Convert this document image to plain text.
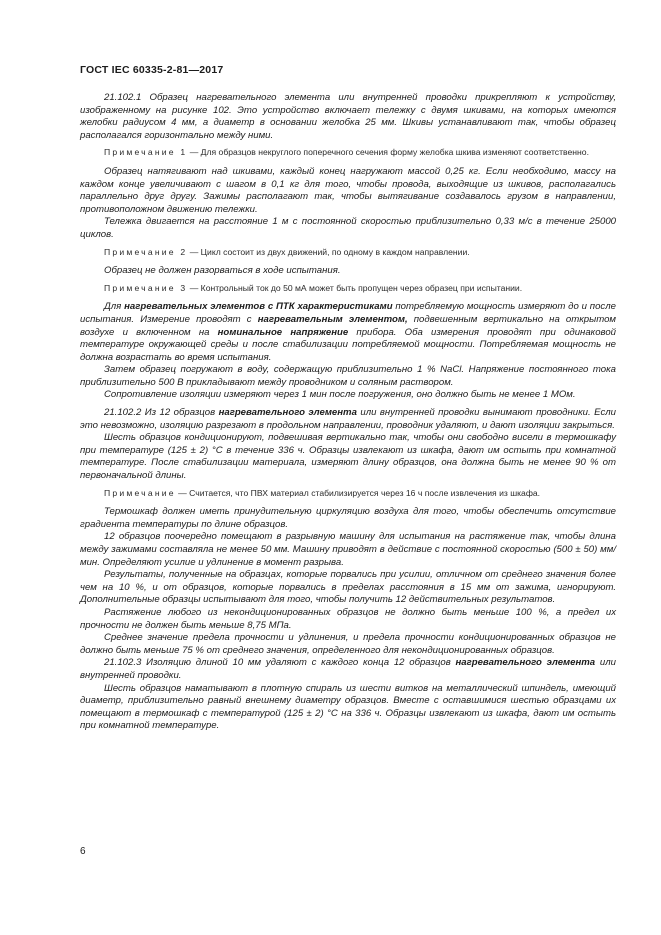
ГОСТ IEC 60335-2-81—2017

21.102.1 Образец нагревательного элемента или внутренней проводки прикрепляют к устройству, изображенному на рисунке 102. Это устройство включает тележку с двумя шкивами, на которых имеются желобки радиусом 4 мм, а диаметр в основании желобка 25 мм. Шкивы устанавливают так, чтобы образец располагался горизонтально между ними.

Примечание 1 — Для образцов некруглого поперечного сечения форму желобка шкива изменяют соответственно.

Образец натягивают над шкивами, каждый конец нагружают массой 0,25 кг. Если необходимо, массу на каждом конце увеличивают с шагом в 0,1 кг для того, чтобы провода, выходящие из шкивов, располагались параллельно друг другу. Зажимы располагают так, чтобы вытягивание создавалось грузом в направлении, противоположном движению тележки.

Тележка двигается на расстояние 1 м с постоянной скоростью приблизительно 0,33 м/с в течение 25000 циклов.

Примечание 2 — Цикл состоит из двух движений, по одному в каждом направлении.

Образец не должен разорваться в ходе испытания.

Примечание 3 — Контрольный ток до 50 мА может быть пропущен через образец при испытании.

Для нагревательных элементов с ПТК характеристиками потребляемую мощность измеряют до и после испытания. Измерение проводят с нагревательным элементом, подвешенным вертикально на открытом воздухе и включенном на номинальное напряжение прибора. Оба измерения проводят при одинаковой температуре окружающей среды и после стабилизации потребляемой мощности. Потребляемая мощность не должна возрастать во время испытания.

Затем образец погружают в воду, содержащую приблизительно 1 % NaCl. Напряжение постоянного тока приблизительно 500 В прикладывают между проводником и соляным раствором.

Сопротивление изоляции измеряют через 1 мин после погружения, оно должно быть не менее 1 МОм.

21.102.2 Из 12 образцов нагревательного элемента или внутренней проводки вынимают проводники. Если это невозможно, изоляцию разрезают в продольном направлении, проводник удаляют, и дают изоляции закрыться.

Шесть образцов кондиционируют, подвешивая вертикально так, чтобы они свободно висели в термошкафу при температуре (125 ± 2) °С в течение 336 ч. Образцы извлекают из шкафа, дают им остыть при комнатной температуре. После стабилизации материала, измеряют длину образцов, она должна быть не менее 90 % от первоначальной длины.

Примечание — Считается, что ПВХ материал стабилизируется через 16 ч после извлечения из шкафа.

Термошкаф должен иметь принудительную циркуляцию воздуха для того, чтобы обеспечить отсутствие градиента температуры по длине образцов.

12 образцов поочередно помещают в разрывную машину для испытания на растяжение так, чтобы длина между зажимами составляла не менее 50 мм. Машину приводят в действие с постоянной скоростью (500 ± 50) мм/мин. Определяют усилие и удлинение в момент разрыва.

Результаты, полученные на образцах, которые порвались при усилии, отличном от среднего значения более чем на 10 %, и от образцов, которые порвались в пределах расстояния в 15 мм от зажима, игнорируют. Дополнительные образцы испытывают для того, чтобы получить 12 действительных результатов.

Растяжение любого из некондиционированных образцов не должно быть меньше 100 %, а предел их прочности не должен быть меньше 8,75 МПа.

Среднее значение предела прочности и удлинения, и предела прочности кондиционированных образцов не должно быть меньше 75 % от среднего значения, определенного для некондиционированных образцов.

21.102.3 Изоляцию длиной 10 мм удаляют с каждого конца 12 образцов нагревательного элемента или внутренней проводки.

Шесть образцов наматывают в плотную спираль из шести витков на металлический шпиндель, имеющий диаметр, приблизительно равный внешнему диаметру образцов. Вместе с оставшимися шестью образцами их помещают в термошкаф с температурой (125 ± 2) °С на 336 ч. Образцы извлекают из шкафа, дают им остыть при комнатной температуре.

6
